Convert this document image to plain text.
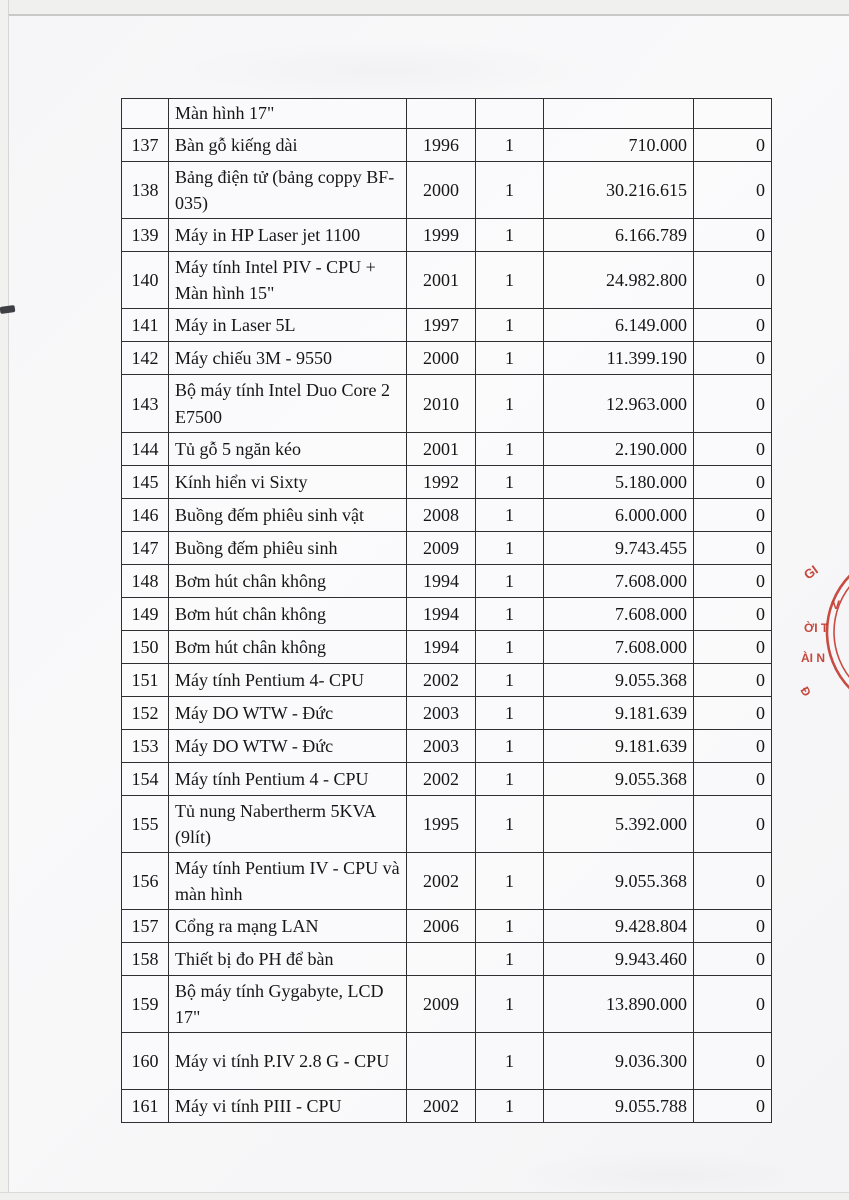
	Màn hình 17"				
137	Bàn gỗ kiếng dài	1996	1	710.000	0
138	Bảng điện tử (bảng coppy BF-035)	2000	1	30.216.615	0
139	Máy in HP Laser jet 1100	1999	1	6.166.789	0
140	Máy tính Intel PIV - CPU + Màn hình 15"	2001	1	24.982.800	0
141	Máy in Laser 5L	1997	1	6.149.000	0
142	Máy chiếu 3M - 9550	2000	1	11.399.190	0
143	Bộ máy tính Intel Duo Core 2 E7500	2010	1	12.963.000	0
144	Tủ gỗ 5 ngăn kéo	2001	1	2.190.000	0
145	Kính hiển vi Sixty	1992	1	5.180.000	0
146	Buồng đếm phiêu sinh vật	2008	1	6.000.000	0
147	Buồng đếm phiêu sinh	2009	1	9.743.455	0
148	Bơm hút chân không	1994	1	7.608.000	0
149	Bơm hút chân không	1994	1	7.608.000	0
150	Bơm hút chân không	1994	1	7.608.000	0
151	Máy tính Pentium 4- CPU	2002	1	9.055.368	0
152	Máy DO WTW - Đức	2003	1	9.181.639	0
153	Máy DO WTW - Đức	2003	1	9.181.639	0
154	Máy tính Pentium 4 - CPU	2002	1	9.055.368	0
155	Tủ nung Nabertherm 5KVA (9lít)	1995	1	5.392.000	0
156	Máy tính Pentium IV - CPU và màn hình	2002	1	9.055.368	0
157	Cổng ra mạng LAN	2006	1	9.428.804	0
158	Thiết bị đo PH để bàn		1	9.943.460	0
159	Bộ máy tính Gygabyte, LCD 17"	2009	1	13.890.000	0
160	Máy vi tính P.IV 2.8 G - CPU		1	9.036.300	0
161	Máy vi tính PIII - CPU	2002	1	9.055.788	0
GI
V
ỜI T
ÀI N
Đ
